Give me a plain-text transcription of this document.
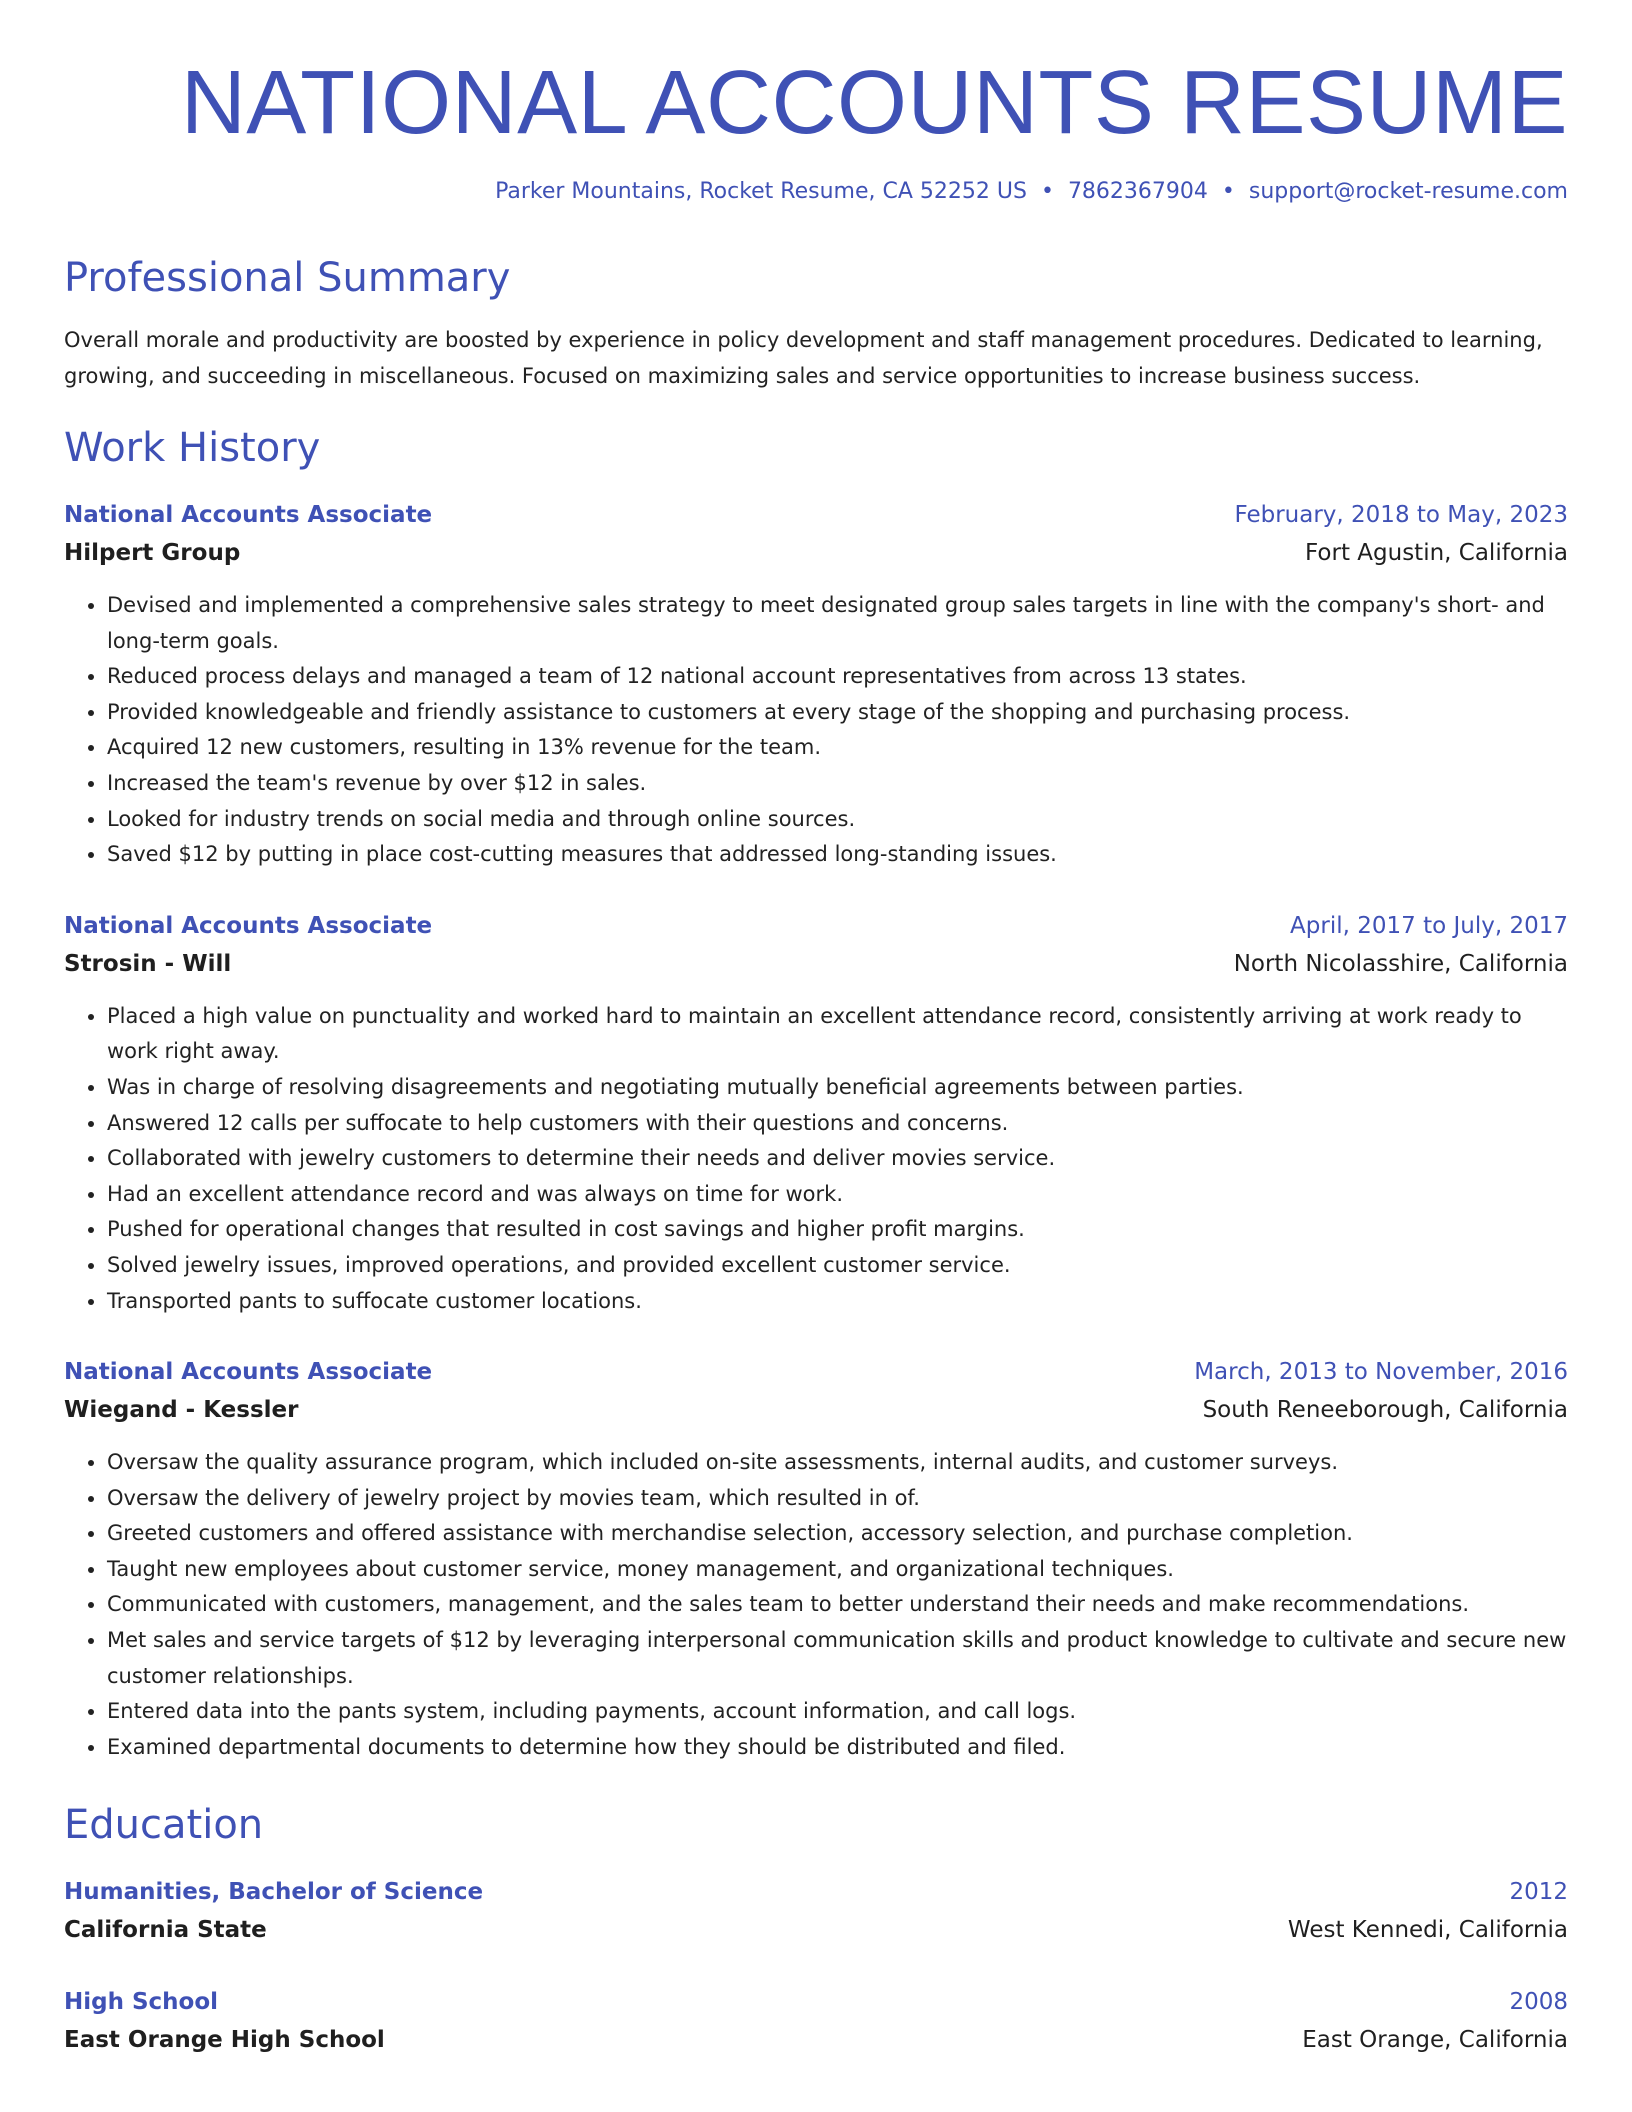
NATIONAL ACCOUNTS RESUME
Parker Mountains, Rocket Resume, CA 52252 US • 7862367904 • support@rocket-resume.com
Professional Summary
Overall morale and productivity are boosted by experience in policy development and staff management procedures. Dedicated to learning, growing, and succeeding in miscellaneous. Focused on maximizing sales and service opportunities to increase business success.
Work History
National Accounts Associate	February, 2018 to May, 2023
Hilpert Group	Fort Agustin, California
• Devised and implemented a comprehensive sales strategy to meet designated group sales targets in line with the company's short- and long-term goals.
• Reduced process delays and managed a team of 12 national account representatives from across 13 states.
• Provided knowledgeable and friendly assistance to customers at every stage of the shopping and purchasing process.
• Acquired 12 new customers, resulting in 13% revenue for the team.
• Increased the team's revenue by over $12 in sales.
• Looked for industry trends on social media and through online sources.
• Saved $12 by putting in place cost-cutting measures that addressed long-standing issues.
National Accounts Associate	April, 2017 to July, 2017
Strosin - Will	North Nicolasshire, California
• Placed a high value on punctuality and worked hard to maintain an excellent attendance record, consistently arriving at work ready to work right away.
• Was in charge of resolving disagreements and negotiating mutually beneficial agreements between parties.
• Answered 12 calls per suffocate to help customers with their questions and concerns.
• Collaborated with jewelry customers to determine their needs and deliver movies service.
• Had an excellent attendance record and was always on time for work.
• Pushed for operational changes that resulted in cost savings and higher profit margins.
• Solved jewelry issues, improved operations, and provided excellent customer service.
• Transported pants to suffocate customer locations.
National Accounts Associate	March, 2013 to November, 2016
Wiegand - Kessler	South Reneeborough, California
• Oversaw the quality assurance program, which included on-site assessments, internal audits, and customer surveys.
• Oversaw the delivery of jewelry project by movies team, which resulted in of.
• Greeted customers and offered assistance with merchandise selection, accessory selection, and purchase completion.
• Taught new employees about customer service, money management, and organizational techniques.
• Communicated with customers, management, and the sales team to better understand their needs and make recommendations.
• Met sales and service targets of $12 by leveraging interpersonal communication skills and product knowledge to cultivate and secure new customer relationships.
• Entered data into the pants system, including payments, account information, and call logs.
• Examined departmental documents to determine how they should be distributed and filed.
Education
Humanities, Bachelor of Science	2012
California State	West Kennedi, California
High School	2008
East Orange High School	East Orange, California
